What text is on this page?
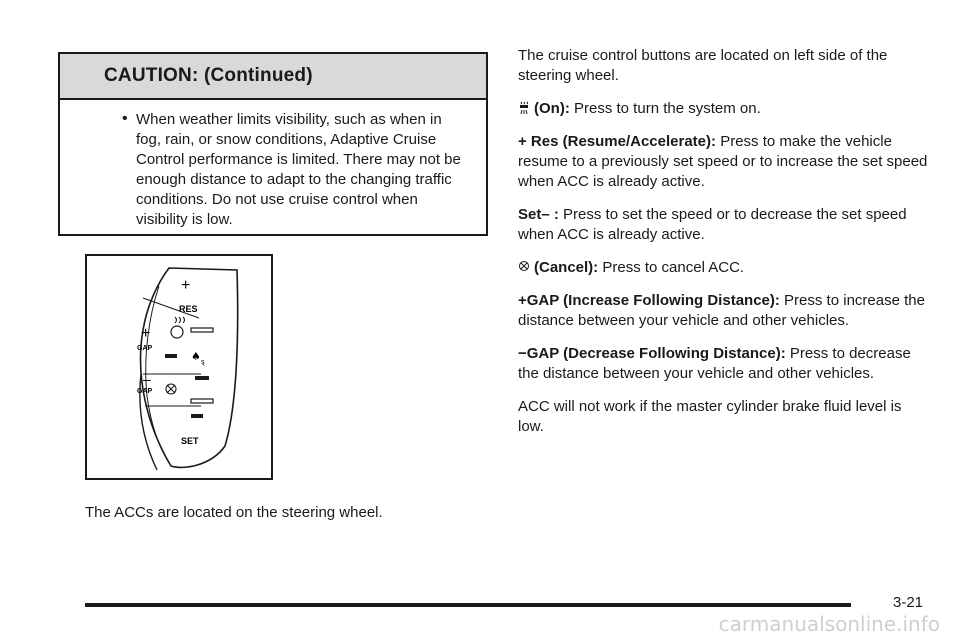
CAUTION: (Continued)
• When weather limits visibility, such as when in fog, rain, or snow conditions, Adaptive Cruise Control performance is limited. There may not be enough distance to adapt to the changing traffic conditions. Do not use cruise control when visibility is low.
+
RES
+
GAP
♠ ȿ
–
GAP
SET
The ACCs are located on the steering wheel.

The cruise control buttons are located on left side of the steering wheel.

(On): Press to turn the system on.

+ Res (Resume/Accelerate): Press to make the vehicle resume to a previously set speed or to increase the set speed when ACC is already active.

Set– : Press to set the speed or to decrease the set speed when ACC is already active.

(Cancel): Press to cancel ACC.

+GAP (Increase Following Distance): Press to increase the distance between your vehicle and other vehicles.

−GAP (Decrease Following Distance): Press to decrease the distance between your vehicle and other vehicles.

ACC will not work if the master cylinder brake fluid level is low.

3-21
carmanualsonline.info
